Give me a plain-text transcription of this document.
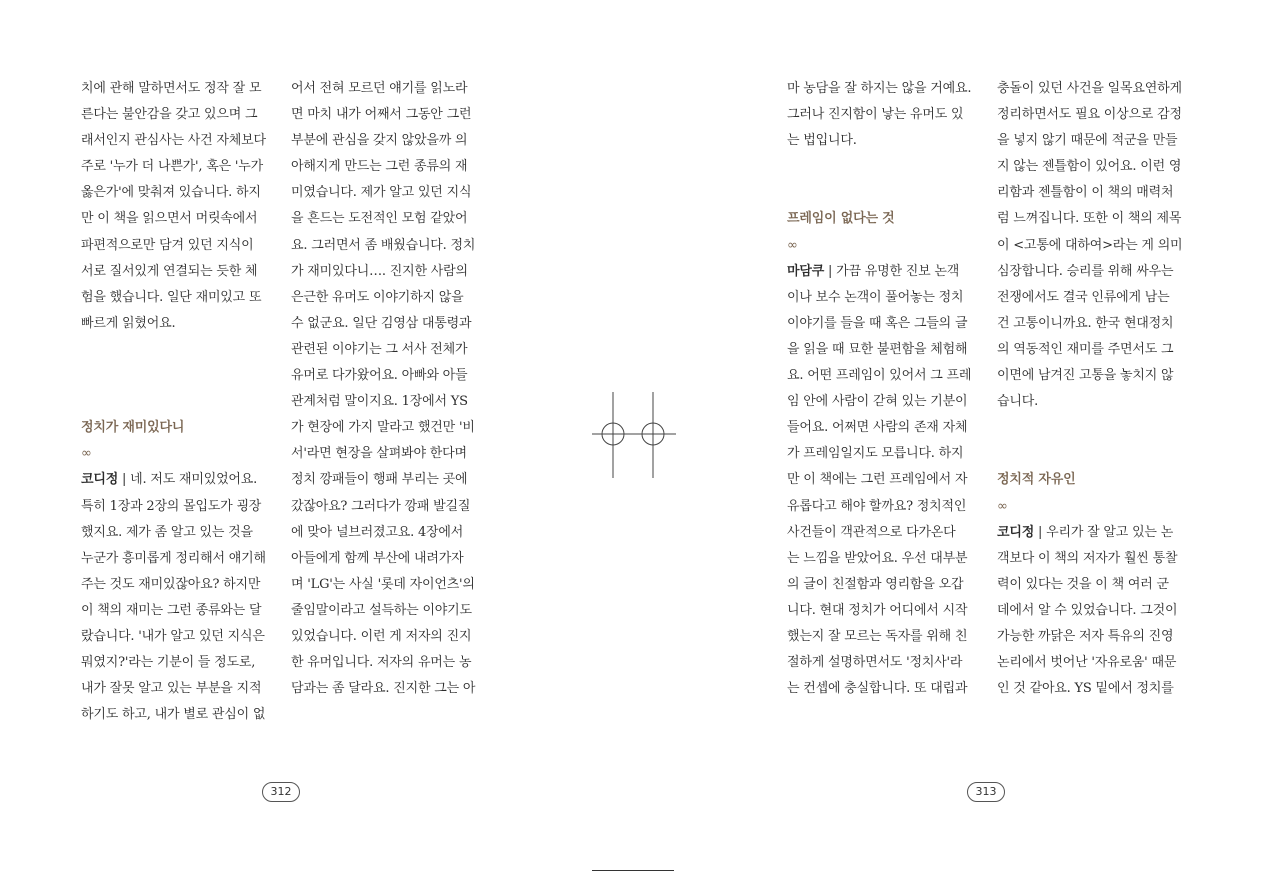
치에 관해 말하면서도 정작 잘 모

른다는 불안감을 갖고 있으며 그

래서인지 관심사는 사건 자체보다

주로 '누가 더 나쁜가', 혹은 '누가

옳은가'에 맞춰져 있습니다. 하지

만 이 책을 읽으면서 머릿속에서

파편적으로만 담겨 있던 지식이

서로 질서있게 연결되는 듯한 체

험을 했습니다. 일단 재미있고 또

빠르게 읽혔어요.

정치가 재미있다니

∞

코디정 | 네. 저도 재미있었어요.

특히 1장과 2장의 몰입도가 굉장

했지요. 제가 좀 알고 있는 것을

누군가 흥미롭게 정리해서 얘기해

주는 것도 재미있잖아요? 하지만

이 책의 재미는 그런 종류와는 달

랐습니다. '내가 알고 있던 지식은

뭐였지?'라는 기분이 들 정도로,

내가 잘못 알고 있는 부분을 지적

하기도 하고, 내가 별로 관심이 없

어서 전혀 모르던 얘기를 읽노라

면 마치 내가 어째서 그동안 그런

부분에 관심을 갖지 않았을까 의

아해지게 만드는 그런 종류의 재

미였습니다. 제가 알고 있던 지식

을 흔드는 도전적인 모험 같았어

요. 그러면서 좀 배웠습니다. 정치

가 재미있다니…. 진지한 사람의

은근한 유머도 이야기하지 않을

수 없군요. 일단 김영삼 대통령과

관련된 이야기는 그 서사 전체가

유머로 다가왔어요. 아빠와 아들

관계처럼 말이지요. 1장에서 YS

가 현장에 가지 말라고 했건만 '비

서'라면 현장을 살펴봐야 한다며

정치 깡패들이 행패 부리는 곳에

갔잖아요? 그러다가 깡패 발길질

에 맞아 널브러졌고요. 4장에서

아들에게 함께 부산에 내려가자

며 'LG'는 사실 '롯데 자이언츠'의

줄임말이라고 설득하는 이야기도

있었습니다. 이런 게 저자의 진지

한 유머입니다. 저자의 유머는 농

담과는 좀 달라요. 진지한 그는 아

312

마 농담을 잘 하지는 않을 거예요.

그러나 진지함이 낳는 유머도 있

는 법입니다.

프레임이 없다는 것

∞

마담쿠 | 가끔 유명한 진보 논객

이나 보수 논객이 풀어놓는 정치

이야기를 들을 때 혹은 그들의 글

을 읽을 때 묘한 불편함을 체험해

요. 어떤 프레임이 있어서 그 프레

임 안에 사람이 갇혀 있는 기분이

들어요. 어쩌면 사람의 존재 자체

가 프레임일지도 모릅니다. 하지

만 이 책에는 그런 프레임에서 자

유롭다고 해야 할까요? 정치적인

사건들이 객관적으로 다가온다

는 느낌을 받았어요. 우선 대부분

의 글이 친절함과 영리함을 오갑

니다. 현대 정치가 어디에서 시작

했는지 잘 모르는 독자를 위해 친

절하게 설명하면서도 '정치사'라

는 컨셉에 충실합니다. 또 대립과

충돌이 있던 사건을 일목요연하게

정리하면서도 필요 이상으로 감정

을 넣지 않기 때문에 적군을 만들

지 않는 젠틀함이 있어요. 이런 영

리함과 젠틀함이 이 책의 매력처

럼 느껴집니다. 또한 이 책의 제목

이 <고통에 대하여>라는 게 의미

심장합니다. 승리를 위해 싸우는

전쟁에서도 결국 인류에게 남는

건 고통이니까요. 한국 현대정치

의 역동적인 재미를 주면서도 그

이면에 남겨진 고통을 놓치지 않

습니다.

정치적 자유인

∞

코디정 | 우리가 잘 알고 있는 논

객보다 이 책의 저자가 훨씬 통찰

력이 있다는 것을 이 책 여러 군

데에서 알 수 있었습니다. 그것이

가능한 까닭은 저자 특유의 진영

논리에서 벗어난 '자유로움' 때문

인 것 같아요. YS 밑에서 정치를

313
